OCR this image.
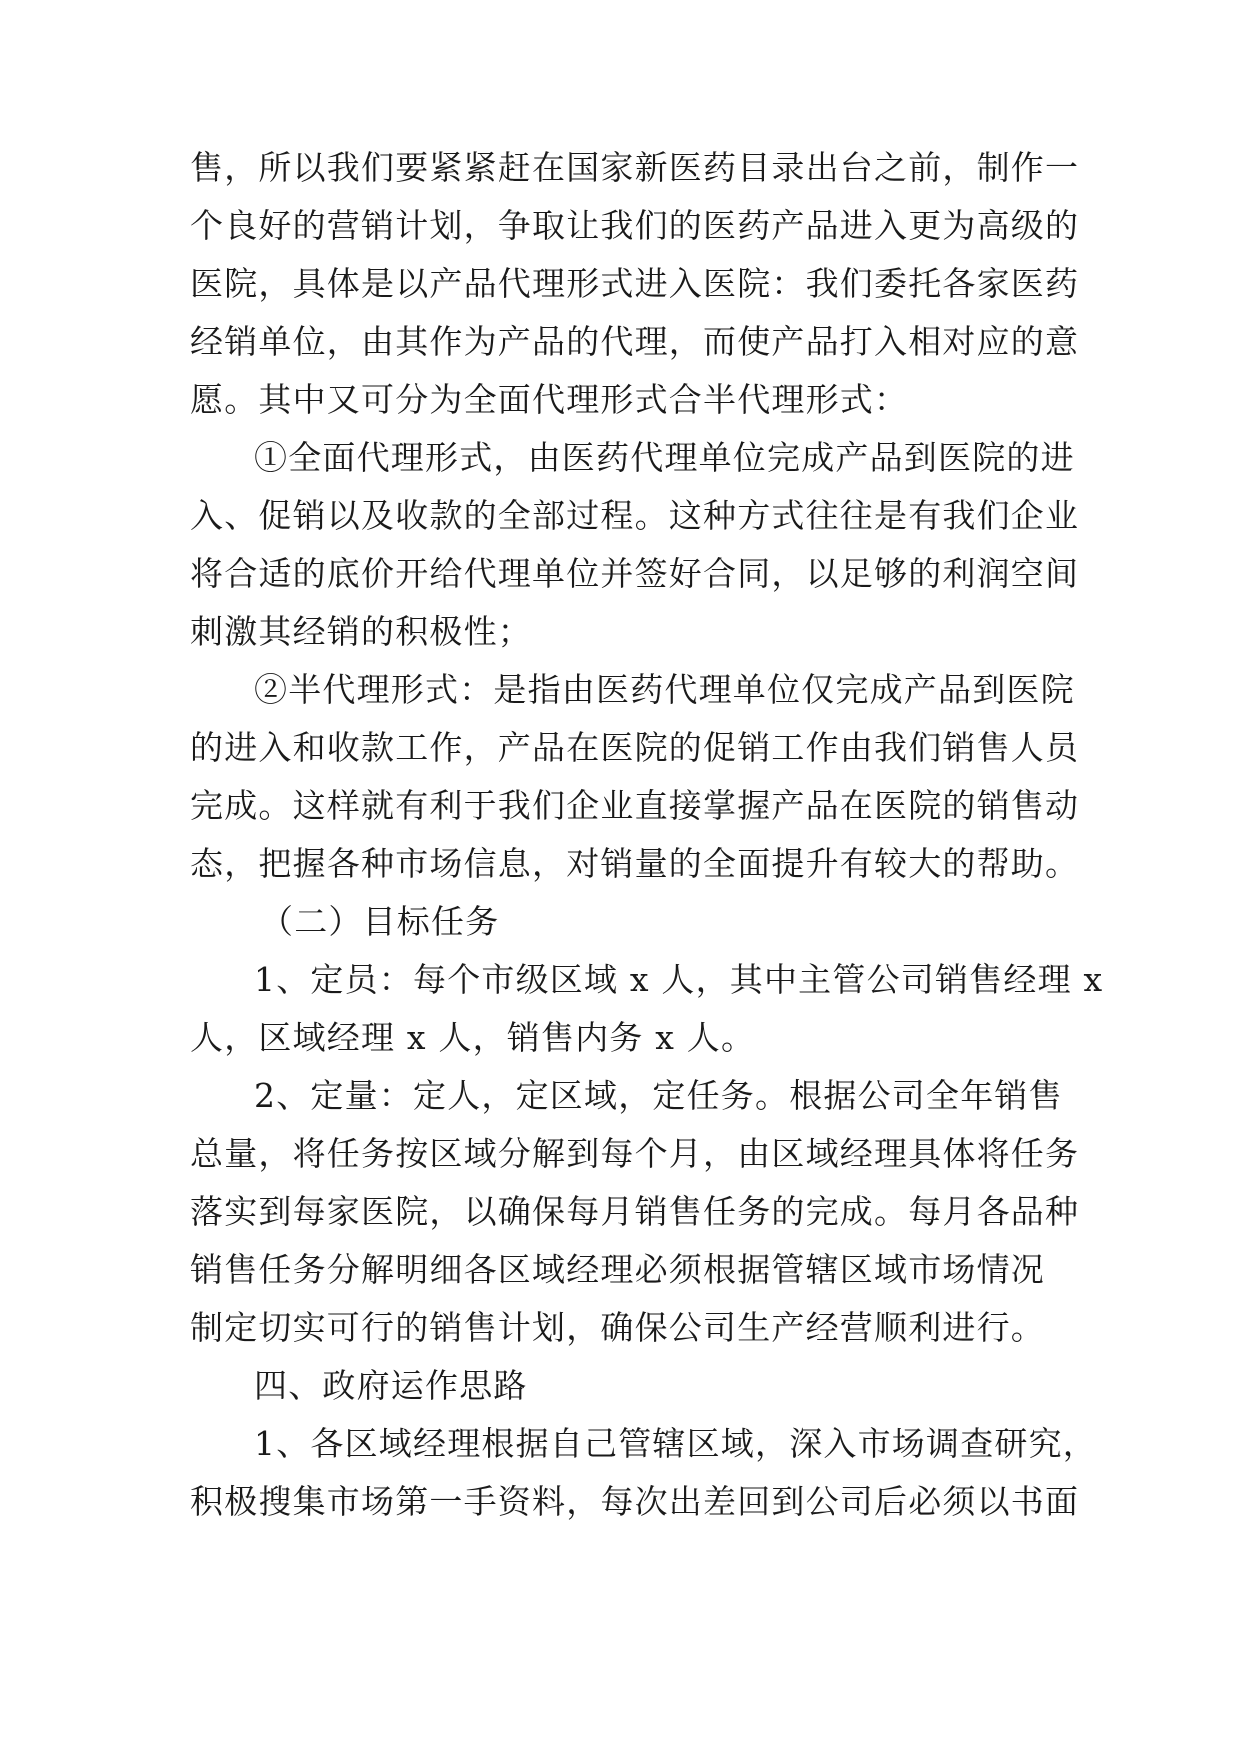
售，所以我们要紧紧赶在国家新医药目录出台之前，制作一
个良好的营销计划，争取让我们的医药产品进入更为高级的
医院，具体是以产品代理形式进入医院：我们委托各家医药
经销单位，由其作为产品的代理，而使产品打入相对应的意
愿。其中又可分为全面代理形式合半代理形式：
①全面代理形式，由医药代理单位完成产品到医院的进
入、促销以及收款的全部过程。这种方式往往是有我们企业
将合适的底价开给代理单位并签好合同，以足够的利润空间
刺激其经销的积极性；
②半代理形式：是指由医药代理单位仅完成产品到医院
的进入和收款工作，产品在医院的促销工作由我们销售人员
完成。这样就有利于我们企业直接掌握产品在医院的销售动
态，把握各种市场信息，对销量的全面提升有较大的帮助。
（二）目标任务
1、定员：每个市级区域 x 人，其中主管公司销售经理 x
人，区域经理 x 人，销售内务 x 人。
2、定量：定人，定区域，定任务。根据公司全年销售
总量，将任务按区域分解到每个月，由区域经理具体将任务
落实到每家医院，以确保每月销售任务的完成。每月各品种
销售任务分解明细各区域经理必须根据管辖区域市场情况
制定切实可行的销售计划，确保公司生产经营顺利进行。
四、政府运作思路
1、各区域经理根据自己管辖区域，深入市场调查研究，
积极搜集市场第一手资料，每次出差回到公司后必须以书面
